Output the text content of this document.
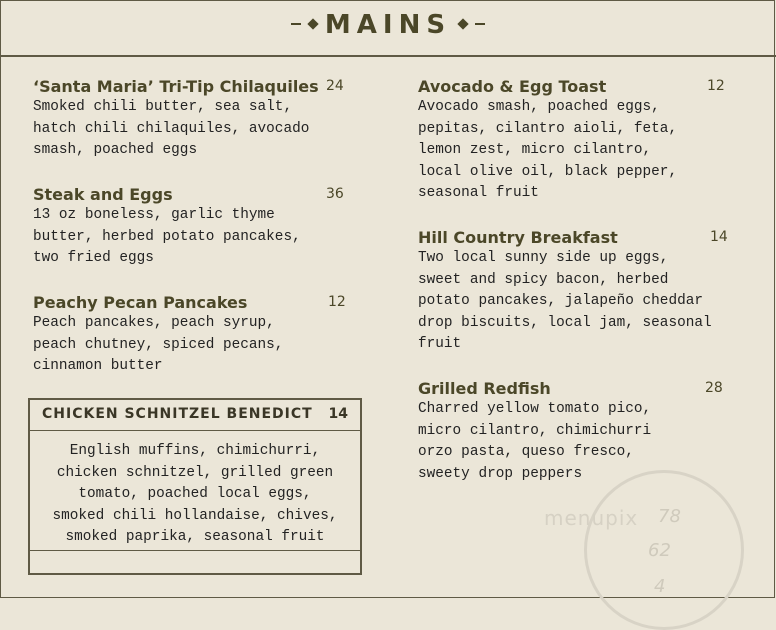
MAINS
‘Santa Maria’ Tri-Tip Chilaquiles 24
Smoked chili butter, sea salt,
hatch chili chilaquiles, avocado
smash, poached eggs
Steak and Eggs	36
13 oz boneless, garlic thyme
butter, herbed potato pancakes,
two fried eggs
Peachy Pecan Pancakes	12
Peach pancakes, peach syrup,
peach chutney, spiced pecans,
cinnamon butter
CHICKEN SCHNITZEL BENEDICT 14
English muffins, chimichurri,
chicken schnitzel, grilled green
tomato, poached local eggs,
smoked chili hollandaise, chives,
smoked paprika, seasonal fruit
Avocado & Egg Toast	12
Avocado smash, poached eggs,
pepitas, cilantro aioli, feta,
lemon zest, micro cilantro,
local olive oil, black pepper,
seasonal fruit
Hill Country Breakfast	14
Two local sunny side up eggs,
sweet and spicy bacon, herbed
potato pancakes, jalapeño cheddar
drop biscuits, local jam, seasonal
fruit
Grilled Redfish	28
Charred yellow tomato pico,
micro cilantro, chimichurri
orzo pasta, queso fresco,
sweety drop peppers
menupix 78
62
4
